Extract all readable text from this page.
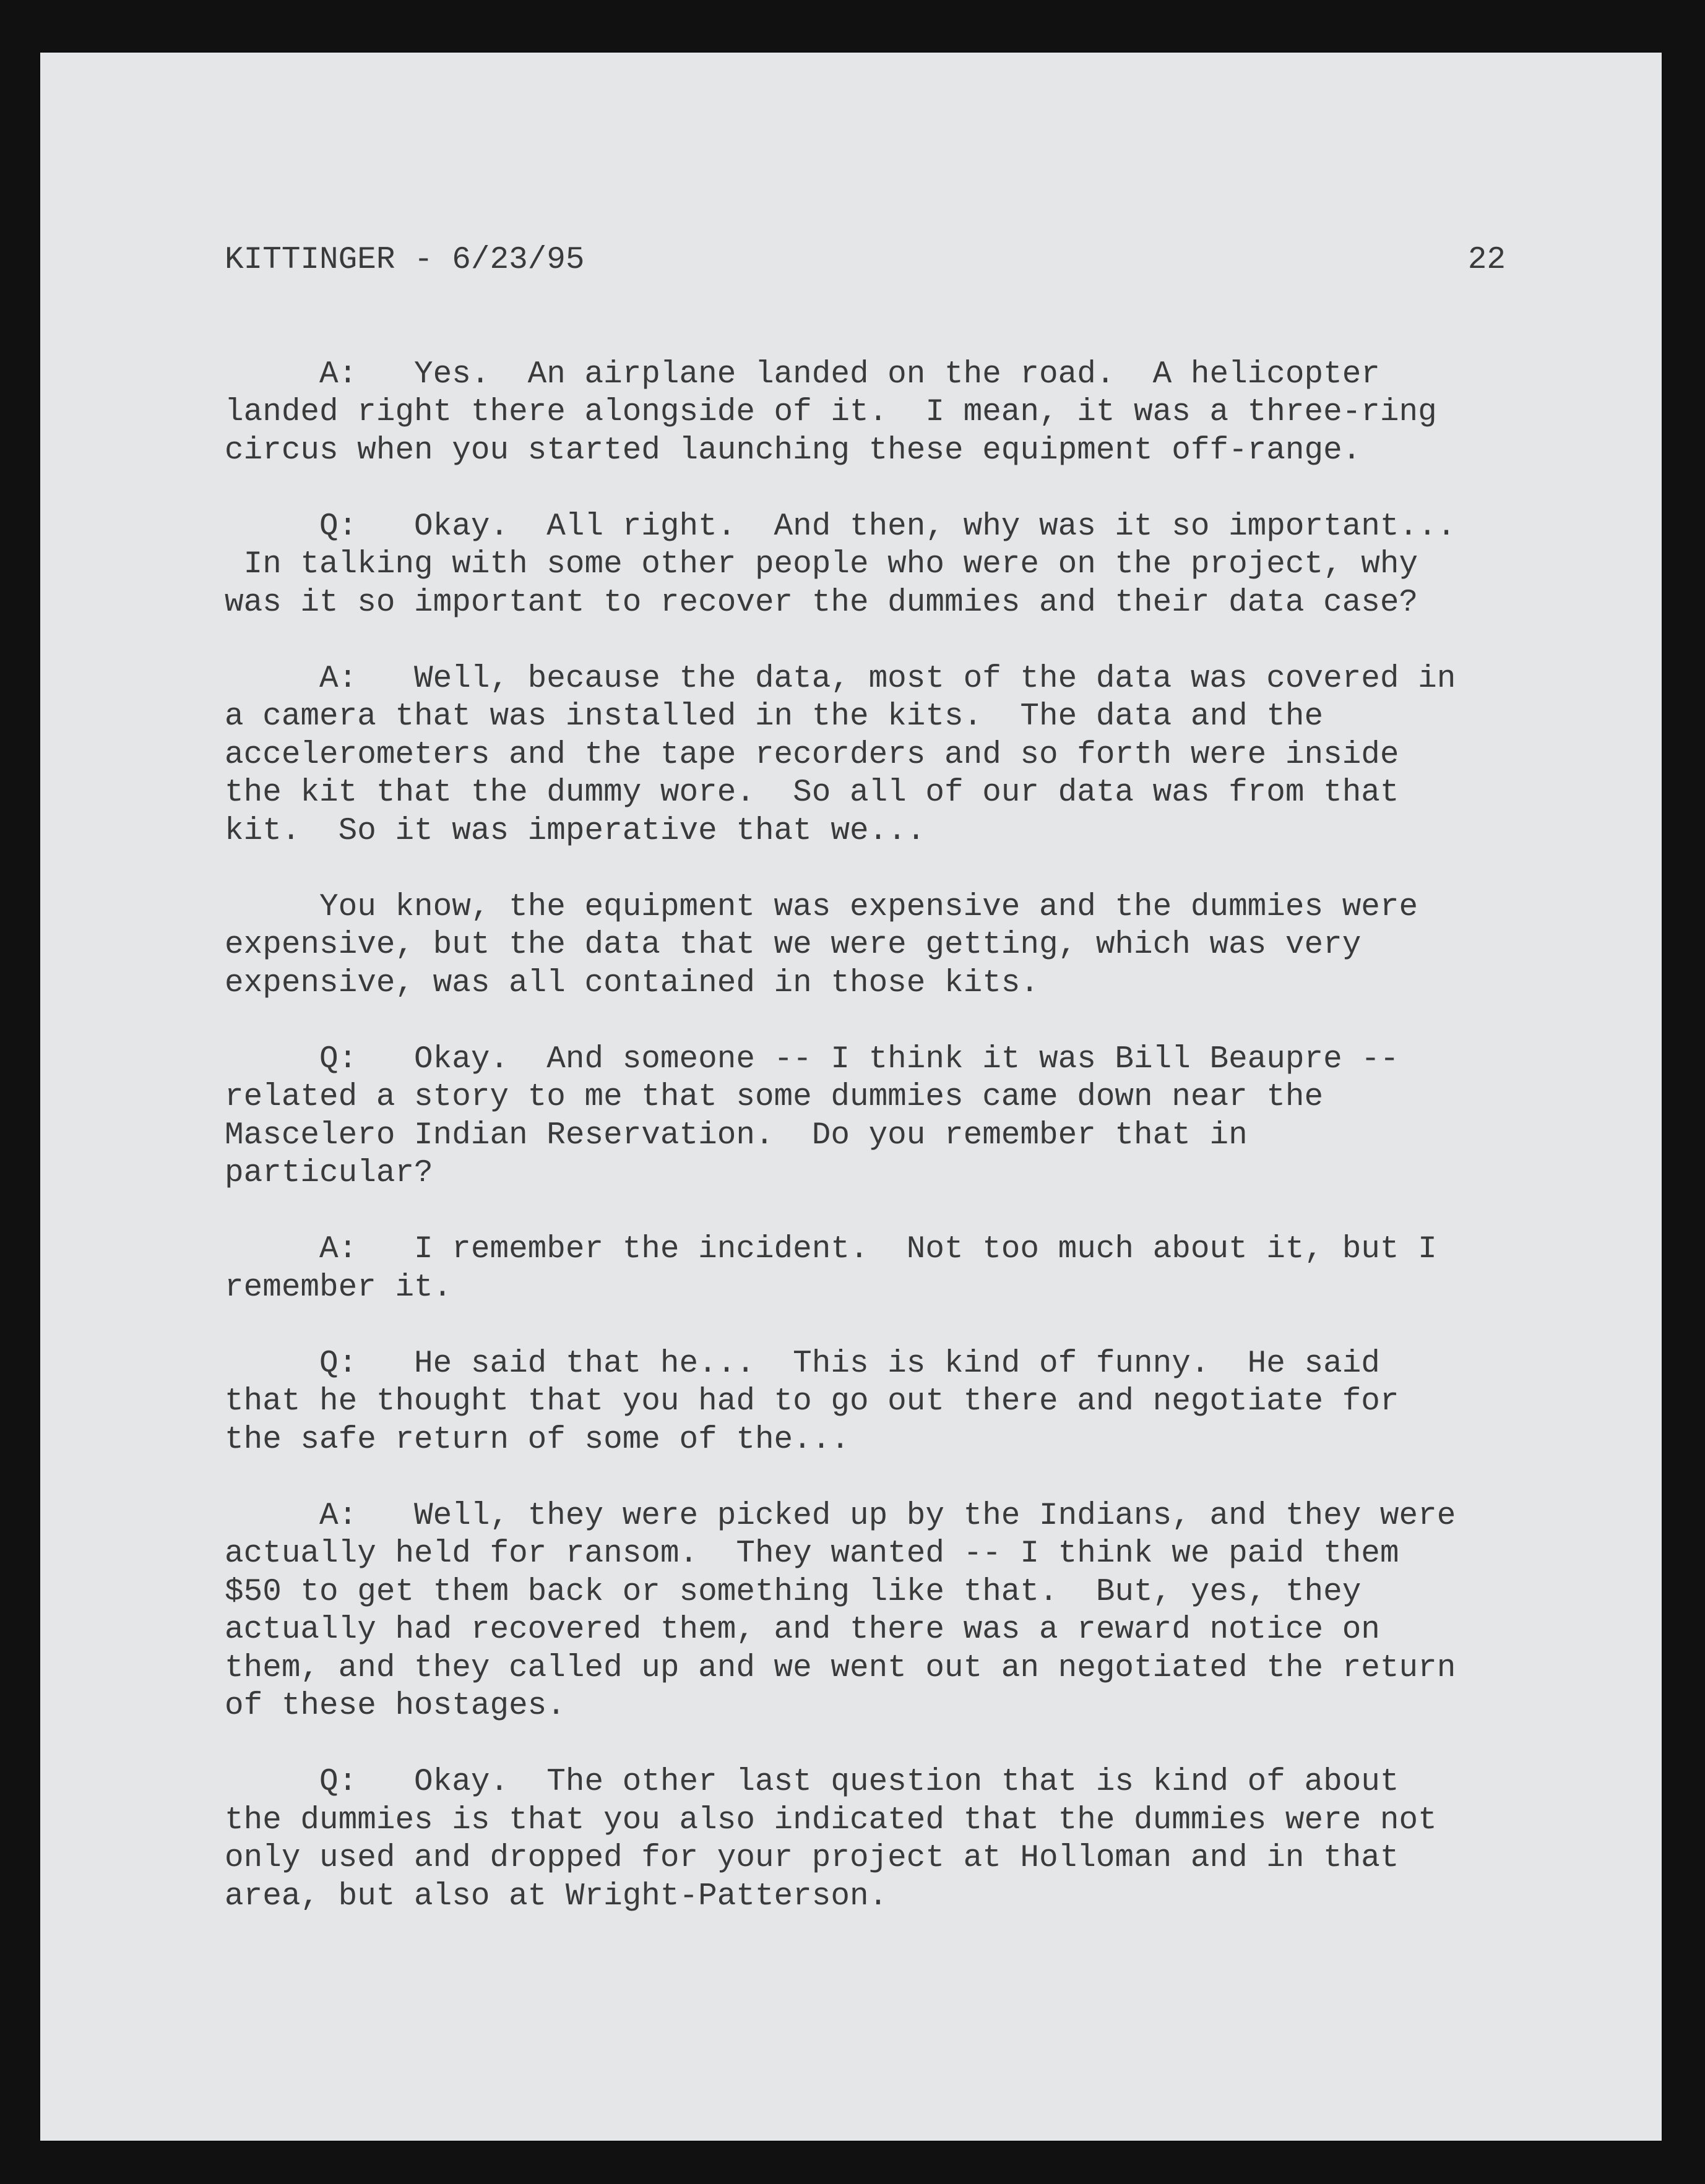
KITTINGER - 6/23/95	22
A:   Yes.  An airplane landed on the road.  A helicopter
landed right there alongside of it.  I mean, it was a three-ring
circus when you started launching these equipment off-range.
Q:   Okay.  All right.  And then, why was it so important...
In talking with some other people who were on the project, why
was it so important to recover the dummies and their data case?
A:   Well, because the data, most of the data was covered in
a camera that was installed in the kits.  The data and the
accelerometers and the tape recorders and so forth were inside
the kit that the dummy wore.  So all of our data was from that
kit.  So it was imperative that we...
You know, the equipment was expensive and the dummies were
expensive, but the data that we were getting, which was very
expensive, was all contained in those kits.
Q:   Okay.  And someone -- I think it was Bill Beaupre --
related a story to me that some dummies came down near the
Mascelero Indian Reservation.  Do you remember that in
particular?
A:   I remember the incident.  Not too much about it, but I
remember it.
Q:   He said that he...  This is kind of funny.  He said
that he thought that you had to go out there and negotiate for
the safe return of some of the...
A:   Well, they were picked up by the Indians, and they were
actually held for ransom.  They wanted -- I think we paid them
$50 to get them back or something like that.  But, yes, they
actually had recovered them, and there was a reward notice on
them, and they called up and we went out an negotiated the return
of these hostages.
Q:   Okay.  The other last question that is kind of about
the dummies is that you also indicated that the dummies were not
only used and dropped for your project at Holloman and in that
area, but also at Wright-Patterson.
